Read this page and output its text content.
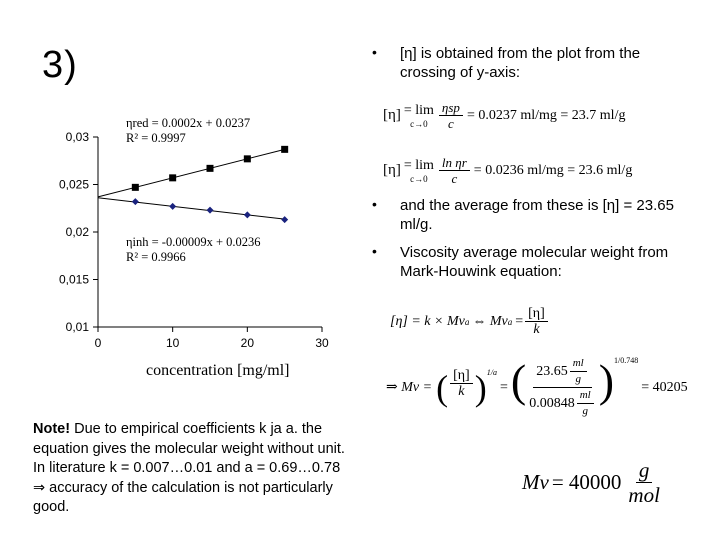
3)	• [η] is obtained from the plot from the crossing of y-axis:
• and the average from these is [η] = 23.65 ml/g.
• Viscosity average molecular weight from Mark-Houwink equation:
0,01
0,015
0,02
0,025
0,03
0	10	20	30
ηred = 0.0002x + 0.0237
R² = 0.9997
ηinh = -0.00009x + 0.0236
R² = 0.9966
concentration [mg/ml]
[η] = lim
$c\to 0 \frac{\text{ηsp}}{c} = 0.0237$ ml/mg = 23.7 ml/g
[η] = lim
$c\to 0 \frac{\text{ln ηr}}{c} = 0.0236$ ml/mg = 23.6 ml/g
[η] = k × Mv a ⇔ Mv $a = \frac{[\eta]}{k}$
⇒ Mv = ( $\frac{[\eta]}{k} )^{1/a}$
= ( $23.65 \frac{ml}{g}$
$0.00848 \frac{ml}{g} )^{1/0.748}$
= 40205
$Mv = 40000 \frac{g}{\text{mol}}$
Note! Due to empirical coefficients k ja a. the equation gives the molecular weight without unit. In literature k = 0.007…0.01 and a = 0.69…0.78 ⇒ accuracy of the calculation is not particularly good.
